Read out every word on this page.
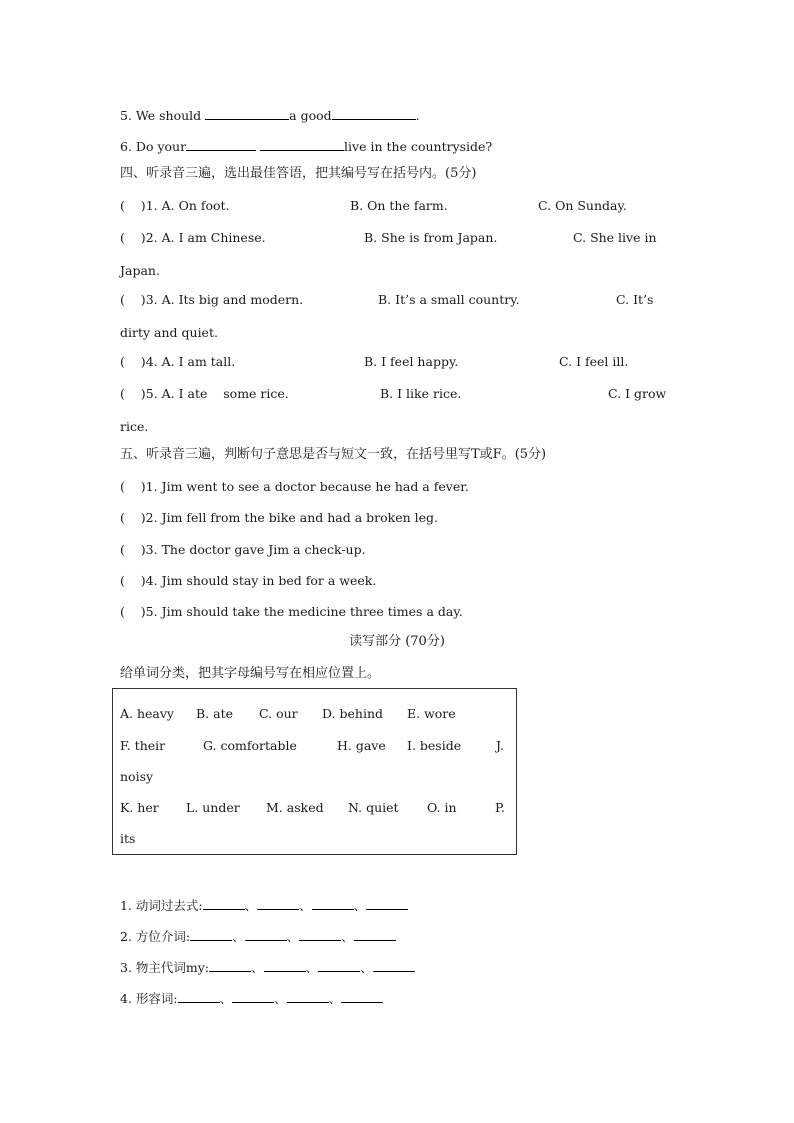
5. We should	a good	.
6. Do your	live in the countryside?
四、听录音三遍，选出最佳答语，把其编号写在括号内。(5分)
( )1. A. On foot.	B. On the farm.	C. On Sunday.
( )2. A. I am Chinese.	B. She is from Japan.	C. She live in
Japan.
( )3. A. Its big and modern.	B. It’s a small country.	C. It’s
dirty and quiet.
( )4. A. I am tall.	B. I feel happy.	C. I feel ill.
( )5. A. I ate    some rice.	B. I like rice.	C. I grow
rice.
五、听录音三遍，判断句子意思是否与短文一致，在括号里写T或F。(5分)
(    )1. Jim went to see a doctor because he had a fever.
(    )2. Jim fell from the bike and had a broken leg.
(    )3. The doctor gave Jim a check-up.
(    )4. Jim should stay in bed for a week.
(    )5. Jim should take the medicine three times a day.
读写部分 (70分)
给单词分类，把其字母编号写在相应位置上。
A. heavy B. ate C. our D. behind E. wore
F. their	G. comfortable	H. gave I. beside	J.
noisy
K. her L. under M. asked N. quiet O. in	P.
its
1. 动词过去式:	、	、	、
2. 方位介词:	、	、	、
3. 物主代词my:	、	、	、
4. 形容词:	、	、	、
